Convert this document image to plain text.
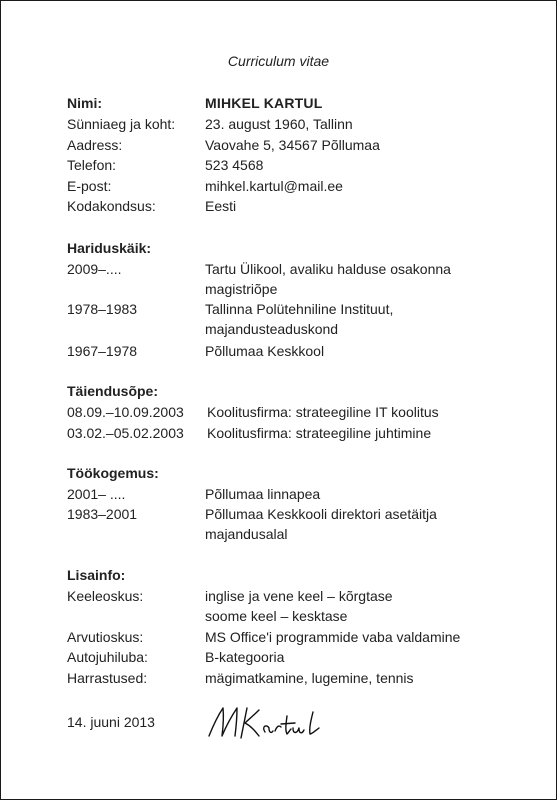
Curriculum vitae
Nimi:	MIHKEL KARTUL
Sünniaeg ja koht: 23. august 1960, Tallinn
Aadress:	Vaovahe 5, 34567 Põllumaa
Telefon:	523 4568
E-post:	mihkel.kartul@mail.ee
Kodakondsus:	Eesti
Hariduskäik:
2009–....	Tartu Ülikool, avaliku halduse osakonna
magistriõpe
1978–1983	Tallinna Polütehniline Instituut,
majandusteaduskond
1967–1978	Põllumaa Keskkool
Täiendusõpe:
08.09.–10.09.2003 Koolitusfirma: strateegiline IT koolitus
03.02.–05.02.2003 Koolitusfirma: strateegiline juhtimine
Töökogemus:
2001– ....	Põllumaa linnapea
1983–2001	Põllumaa Keskkooli direktori asetäitja
majandusalal
Lisainfo:
Keeleoskus:	inglise ja vene keel – kõrgtase
soome keel – kesktase
Arvutioskus:	MS Office'i programmide vaba valdamine
Autojuhiluba:	B-kategooria
Harrastused:	mägimatkamine, lugemine, tennis
14. juuni 2013
